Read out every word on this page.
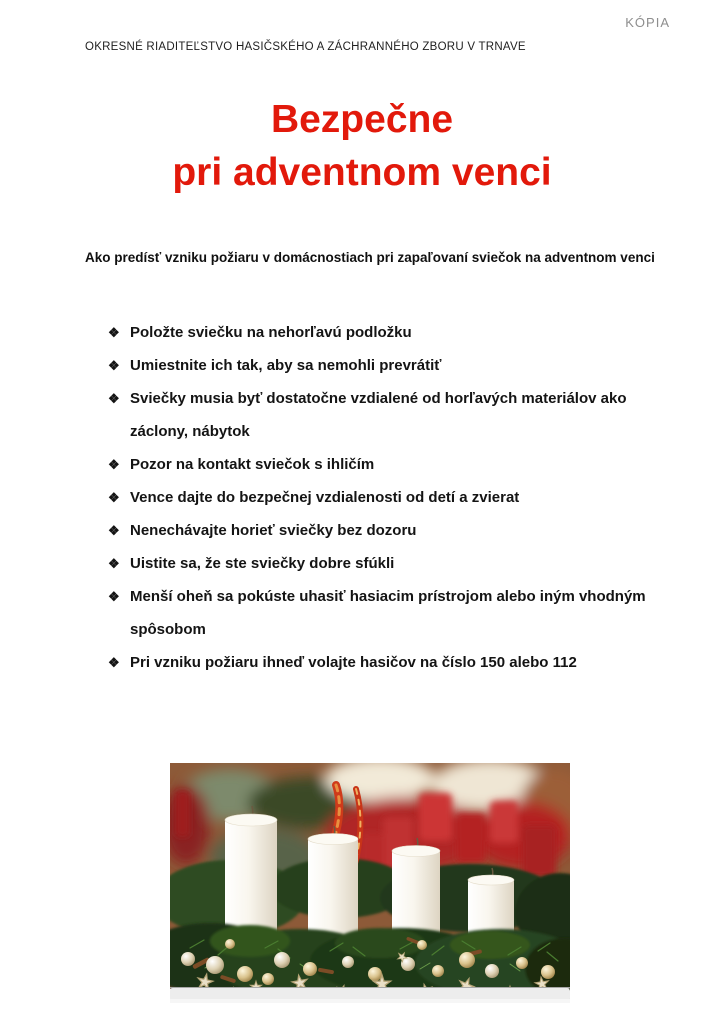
KÓPIA
OKRESNÉ RIADITEĽSTVO HASIČSKÉHO A ZÁCHRANNÉHO ZBORU V TRNAVE
Bezpečne
pri adventnom venci
Ako predísť vzniku požiaru v domácnostiach pri zapaľovaní sviečok na adventnom venci
❖ Položte sviečku na nehorľavú podložku
❖ Umiestnite ich tak, aby sa nemohli prevrátiť
❖ Sviečky musia byť dostatočne vzdialené od horľavých materiálov ako záclony, nábytok
❖ Pozor na kontakt sviečok s ihličím
❖ Vence dajte do bezpečnej vzdialenosti od detí a zvierat
❖ Nenechávajte horieť sviečky bez dozoru
❖ Uistite sa, že ste sviečky dobre sfúkli
❖ Menší oheň sa pokúste uhasiť hasiacim prístrojom alebo iným vhodným spôsobom
❖ Pri vzniku požiaru ihneď volajte hasičov na číslo 150 alebo 112
